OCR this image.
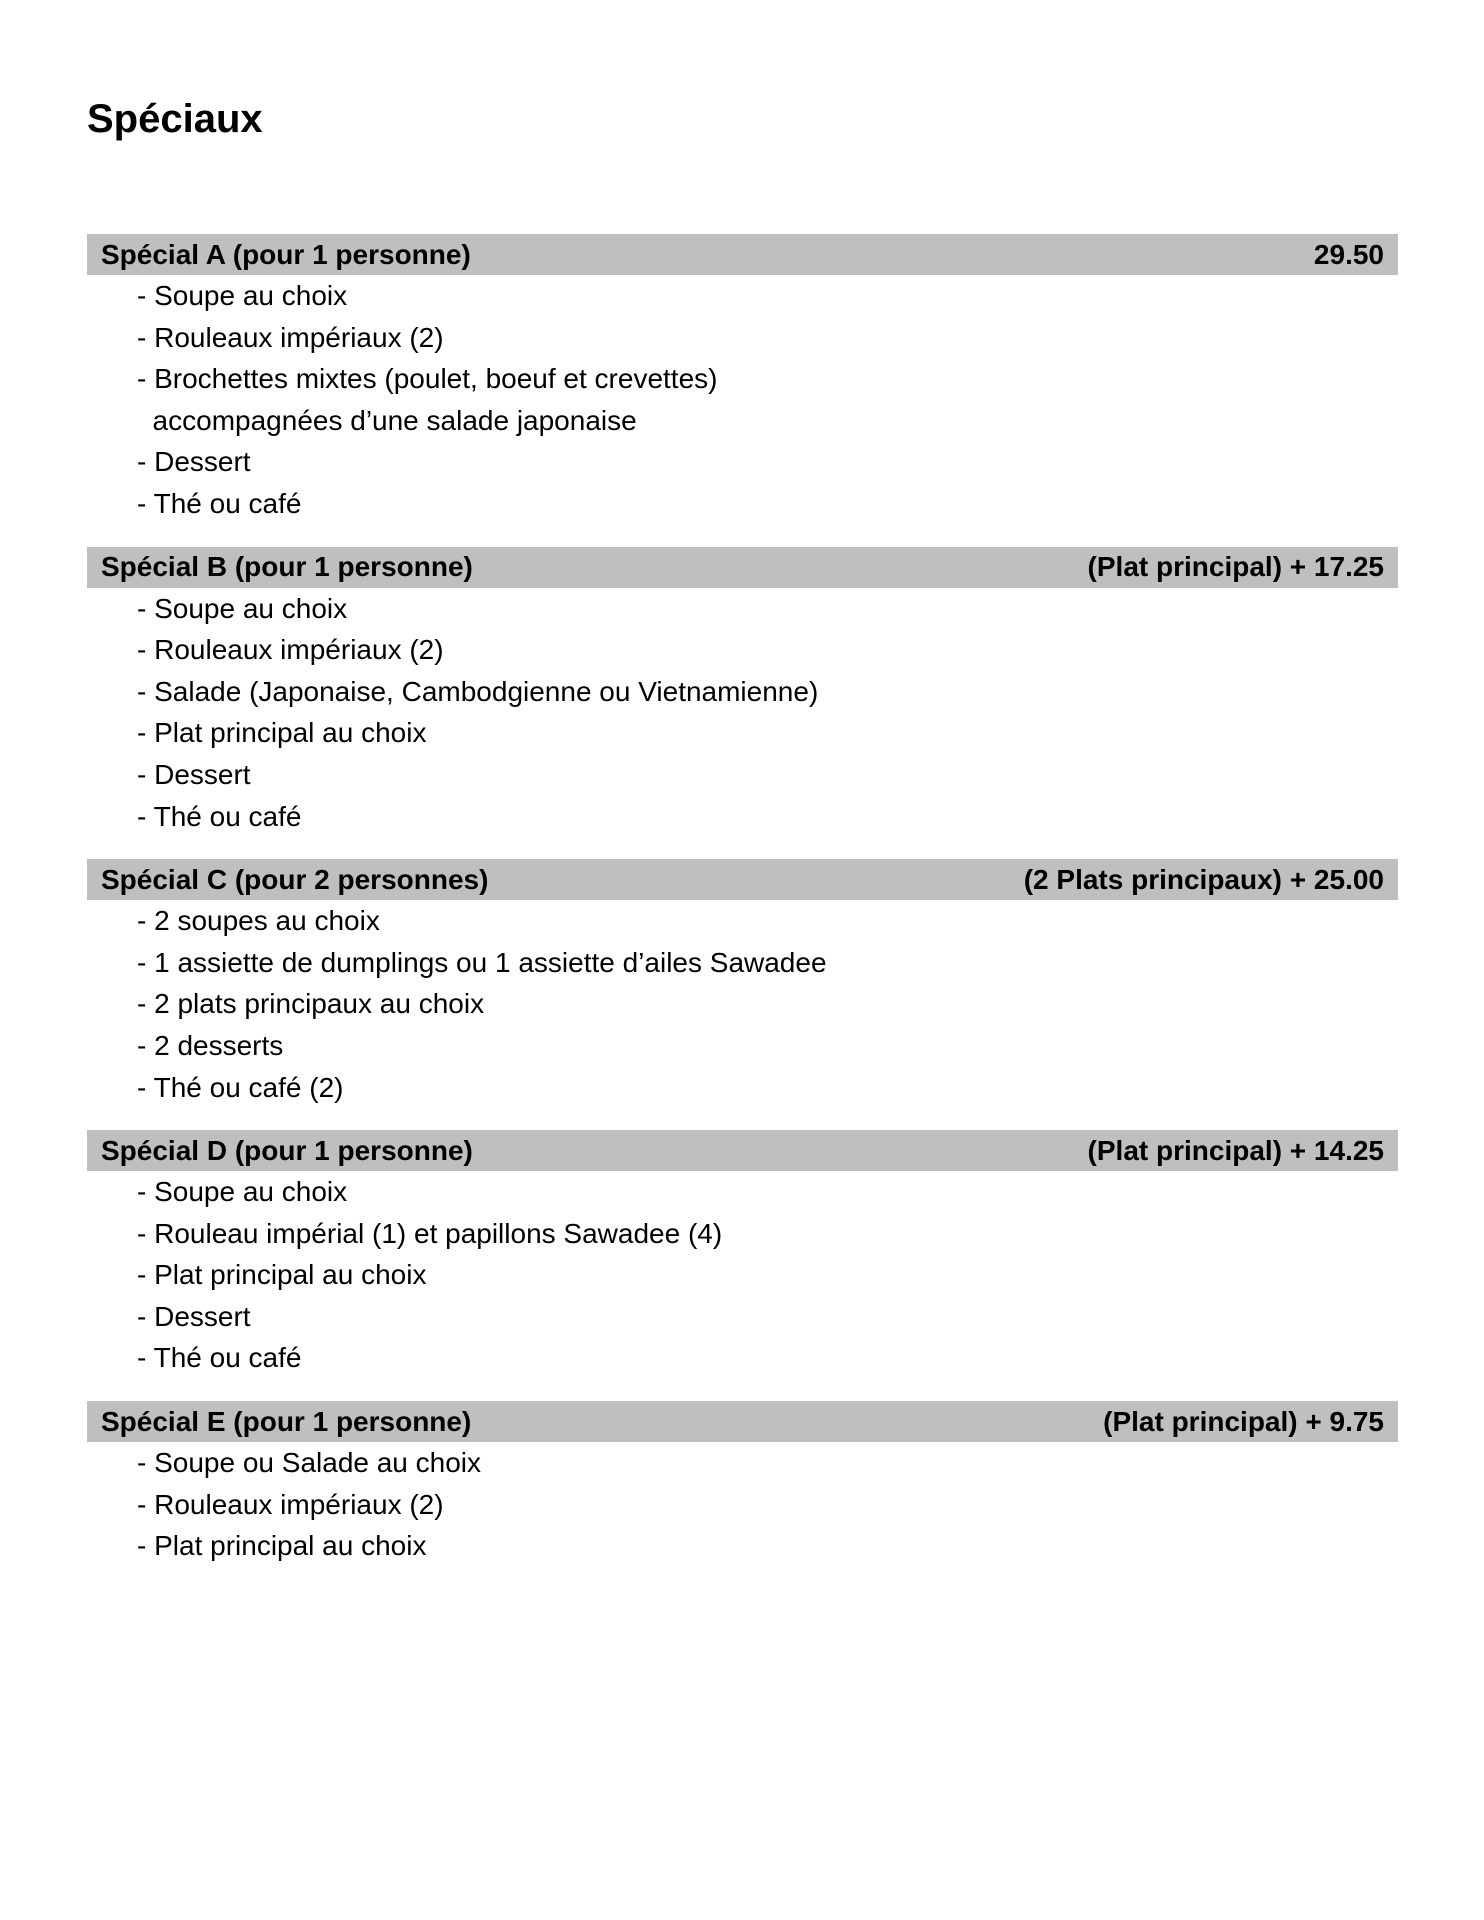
Spéciaux
Spécial A (pour 1 personne)	29.50
- Soupe au choix
- Rouleaux impériaux (2)
- Brochettes mixtes (poulet, boeuf et crevettes)
accompagnées d’une salade japonaise
- Dessert
- Thé ou café
Spécial B (pour 1 personne)	(Plat principal) + 17.25
- Soupe au choix
- Rouleaux impériaux (2)
- Salade (Japonaise, Cambodgienne ou Vietnamienne)
- Plat principal au choix
- Dessert
- Thé ou café
Spécial C (pour 2 personnes)	(2 Plats principaux) + 25.00
- 2 soupes au choix
- 1 assiette de dumplings ou 1 assiette d’ailes Sawadee
- 2 plats principaux au choix
- 2 desserts
- Thé ou café (2)
Spécial D (pour 1 personne)	(Plat principal) + 14.25
- Soupe au choix
- Rouleau impérial (1) et papillons Sawadee (4)
- Plat principal au choix
- Dessert
- Thé ou café
Spécial E (pour 1 personne)	(Plat principal) + 9.75
- Soupe ou Salade au choix
- Rouleaux impériaux (2)
- Plat principal au choix
